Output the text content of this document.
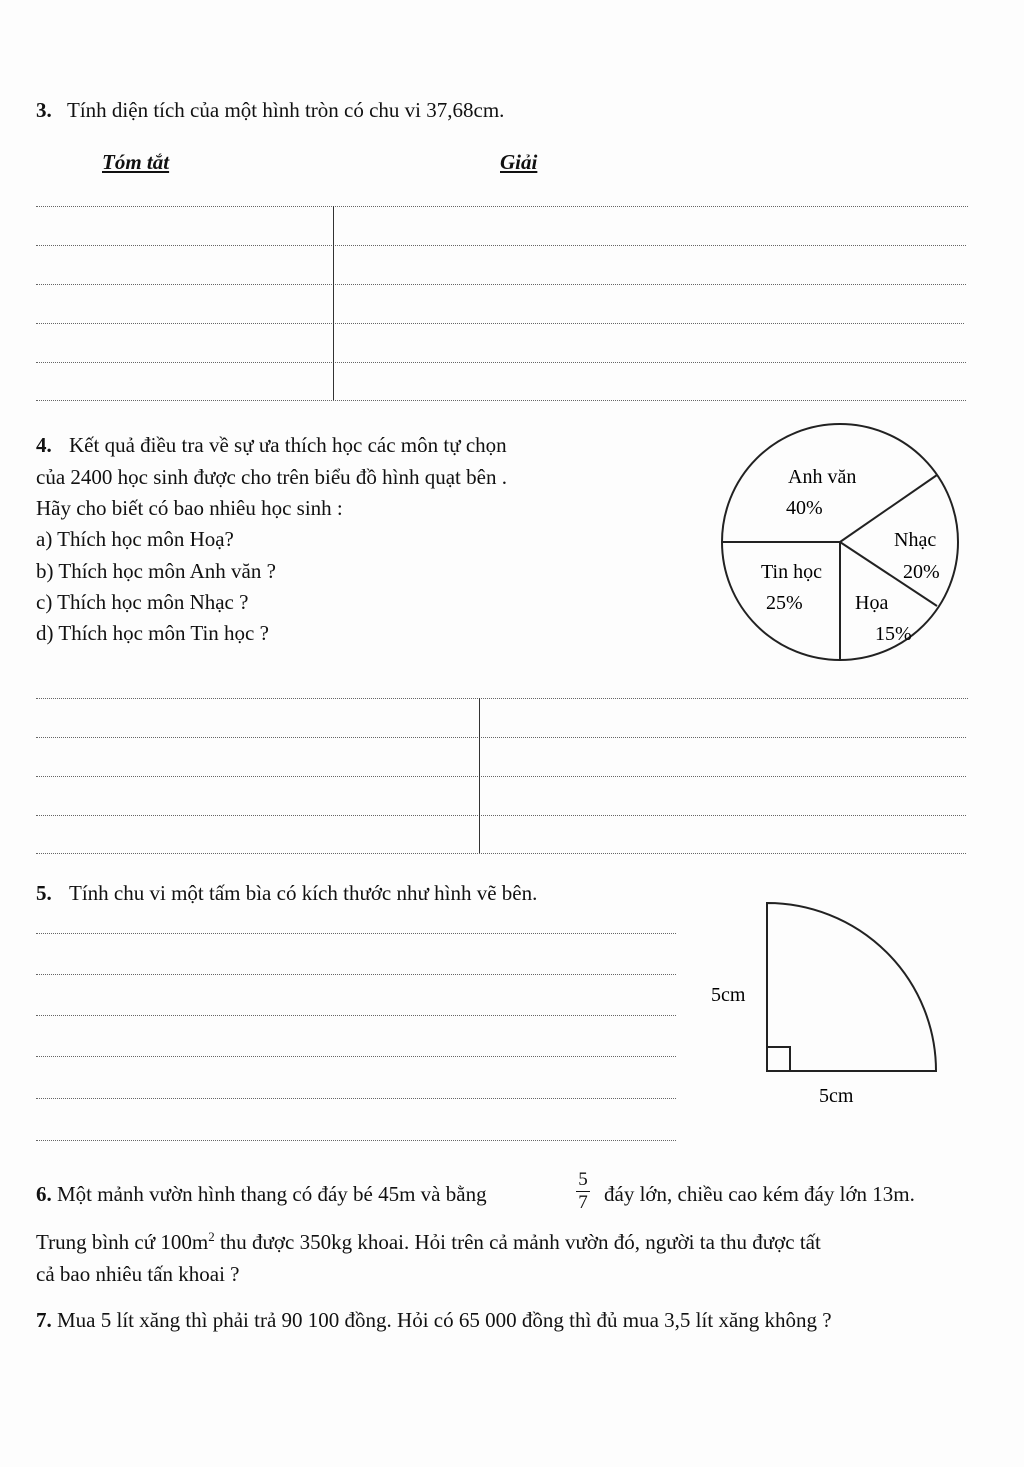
3. Tính diện tích của một hình tròn có chu vi 37,68cm.
Tóm tắt	Giải
4. Kết quả điều tra về sự ưa thích học các môn tự chọn
của 2400 học sinh được cho trên biểu đồ hình quạt bên .
Hãy cho biết có bao nhiêu học sinh :
a) Thích học môn Hoạ?
b) Thích học môn Anh văn ?
c) Thích học môn Nhạc ?
d) Thích học môn Tin học ?
Anh văn
40%
Nhạc
20%
Họa
15%
Tin học
25%
5. Tính chu vi một tấm bìa có kích thước như hình vẽ bên.
5cm
5cm
6. Một mảnh vườn hình thang có đáy bé 45m và bằng
5
7 đáy lớn, chiều cao kém đáy lớn 13m.
Trung bình cứ $100m^2$ thu được 350kg khoai. Hỏi trên cả mảnh vườn đó, người ta thu được tất
cả bao nhiêu tấn khoai ?
7. Mua 5 lít xăng thì phải trả 90 100 đồng. Hỏi có 65 000 đồng thì đủ mua 3,5 lít xăng không ?
